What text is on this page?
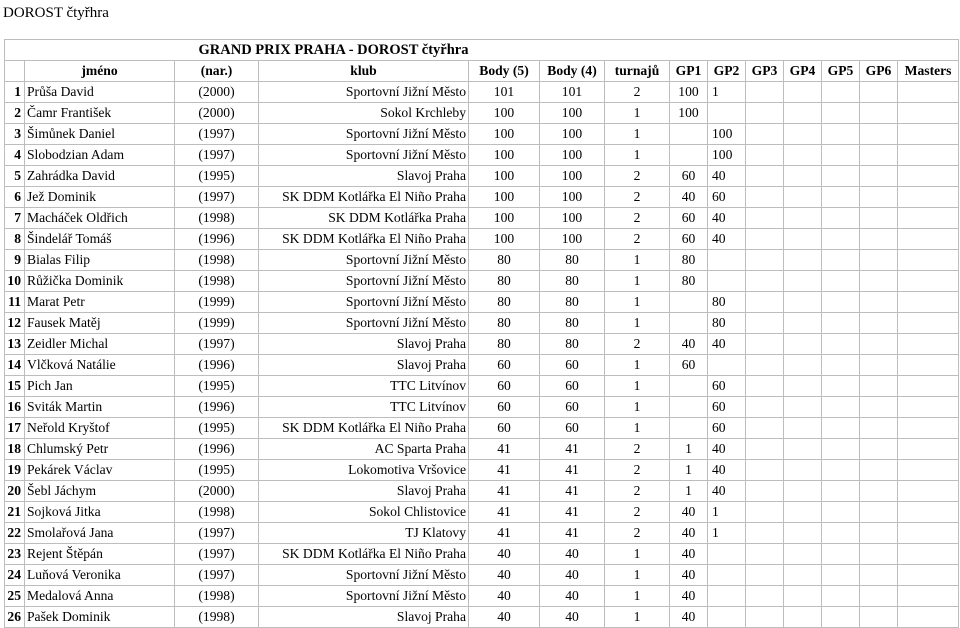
DOROST čtyřhra
GRAND PRIX PRAHA - DOROST čtyřhra													
	jméno	(nar.)	klub	Body (5)	Body (4)	turnajů	GP1	GP2	GP3	GP4	GP5	GP6	Masters
1	Průša David	(2000)	Sportovní Jižní Město	101	101	2	100	1					
2	Čamr František	(2000)	Sokol Krchleby	100	100	1	100						
3	Šimůnek Daniel	(1997)	Sportovní Jižní Město	100	100	1		100					
4	Slobodzian Adam	(1997)	Sportovní Jižní Město	100	100	1		100					
5	Zahrádka David	(1995)	Slavoj Praha	100	100	2	60	40					
6	Jež Dominik	(1997)	SK DDM Kotlářka El Niño Praha	100	100	2	40	60					
7	Macháček Oldřich	(1998)	SK DDM Kotlářka Praha	100	100	2	60	40					
8	Šindelář Tomáš	(1996)	SK DDM Kotlářka El Niño Praha	100	100	2	60	40					
9	Bialas Filip	(1998)	Sportovní Jižní Město	80	80	1	80						
10	Růžička Dominik	(1998)	Sportovní Jižní Město	80	80	1	80						
11	Marat Petr	(1999)	Sportovní Jižní Město	80	80	1		80					
12	Fausek Matěj	(1999)	Sportovní Jižní Město	80	80	1		80					
13	Zeidler Michal	(1997)	Slavoj Praha	80	80	2	40	40					
14	Vlčková Natálie	(1996)	Slavoj Praha	60	60	1	60						
15	Pich Jan	(1995)	TTC Litvínov	60	60	1		60					
16	Sviták Martin	(1996)	TTC Litvínov	60	60	1		60					
17	Neřold Kryštof	(1995)	SK DDM Kotlářka El Niño Praha	60	60	1		60					
18	Chlumský Petr	(1996)	AC Sparta Praha	41	41	2	1	40					
19	Pekárek Václav	(1995)	Lokomotiva Vršovice	41	41	2	1	40					
20	Šebl Jáchym	(2000)	Slavoj Praha	41	41	2	1	40					
21	Sojková Jitka	(1998)	Sokol Chlistovice	41	41	2	40	1					
22	Smolařová Jana	(1997)	TJ Klatovy	41	41	2	40	1					
23	Rejent Štěpán	(1997)	SK DDM Kotlářka El Niño Praha	40	40	1	40						
24	Luňová Veronika	(1997)	Sportovní Jižní Město	40	40	1	40						
25	Medalová Anna	(1998)	Sportovní Jižní Město	40	40	1	40						
26	Pašek Dominik	(1998)	Slavoj Praha	40	40	1	40						
